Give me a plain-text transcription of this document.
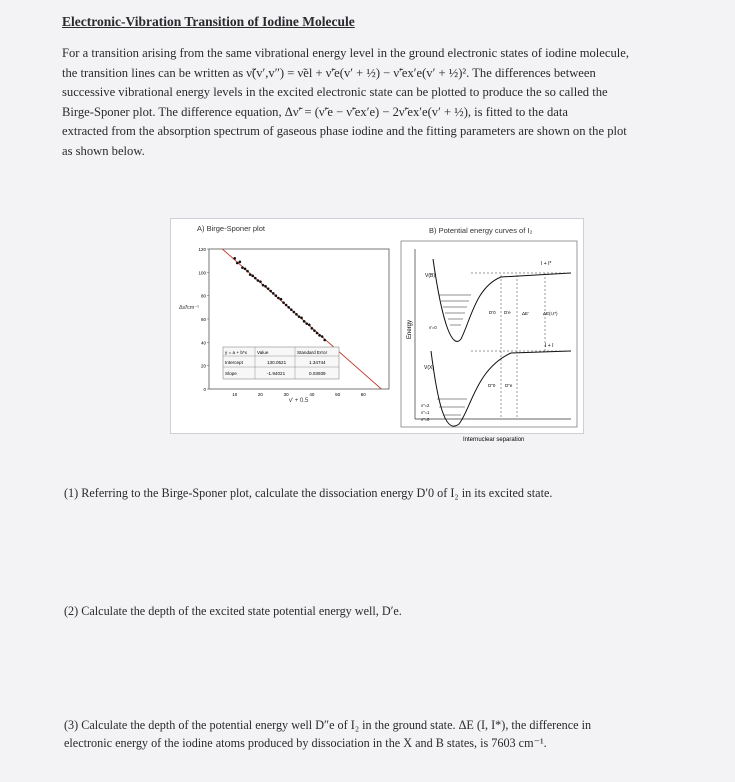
Electronic-Vibration Transition of Iodine Molecule
For a transition arising from the same vibrational energy level in the ground electronic states of iodine molecule,
the transition lines can be written as ν̃(v′,v″) = ν̃el + ν̃′e(v′ + ½) − ν̃′ex′e(v′ + ½)². The differences between
successive vibrational energy levels in the excited electronic state can be plotted to produce the so called the
Birge-Sponer plot. The difference equation, Δν̃′ = (ν̃′e − ν̃′ex′e) − 2ν̃′ex′e(v′ + ½), is fitted to the data
extracted from the absorption spectrum of gaseous phase iodine and the fitting parameters are shown on the plot
as shown below.
A) Birge-Sponer plot	B) Potential energy curves of I₂
0
20
40
60
80
100
120
10	20	30	40	50	60
Δν̃/cm⁻¹
v′ + 0.5
y = a + b*x Value	Standard Error
Intercept	130.0521	1.34744
Slope	-1.94021	0.03939
Energy
Internuclear separation
V(B)
V(X)
I + I*
I + I
ΔE(I,I*)
D′0 D′e
D″0 D″e
ΔE′
v′=0
v″=2
v″=1
v″=0
(1) Referring to the Birge-Sponer plot, calculate the dissociation energy D′0 of I₂ in its excited state.
(2) Calculate the depth of the excited state potential energy well, D′e.
(3) Calculate the depth of the potential energy well D″e of I₂ in the ground state. ΔE (I, I*), the difference in
electronic energy of the iodine atoms produced by dissociation in the X and B states, is 7603 cm⁻¹.
